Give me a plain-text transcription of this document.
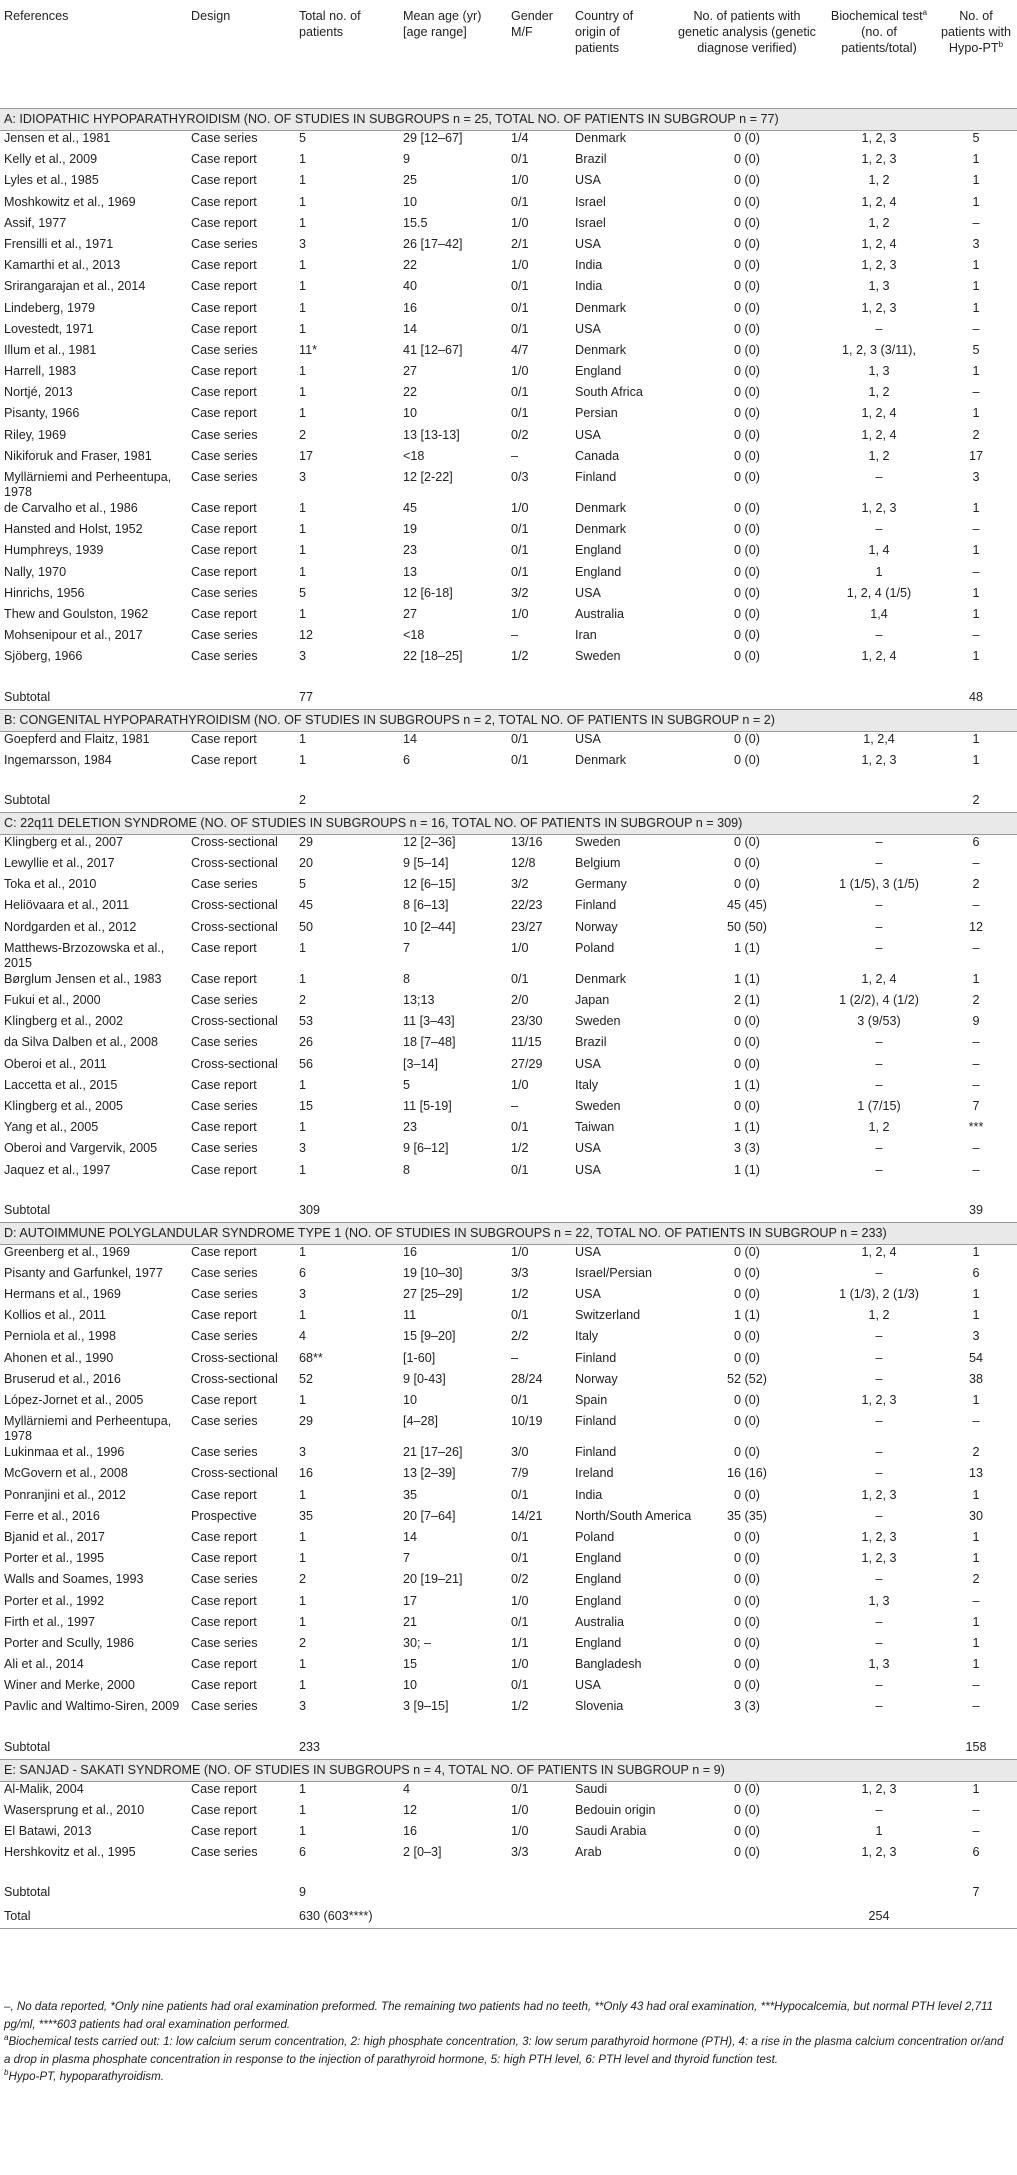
References	Design	Total no. of patients	Mean age (yr) [age range]	Gender M/F	Country of origin of patients	No. of patients with genetic analysis (genetic diagnose verified)	Biochemical test$^a$ (no. of patients/total)	No. of patients with Hypo-$PT^b$
A: IDIOPATHIC HYPOPARATHYROIDISM (NO. OF STUDIES IN SUBGROUPS n = 25, TOTAL NO. OF PATIENTS IN SUBGROUP n = 77)								
Jensen et al., 1981	Case series	5	29 [12–67]	1/4	Denmark	0 (0)	1, 2, 3	5
Kelly et al., 2009	Case report	1	9	0/1	Brazil	0 (0)	1, 2, 3	1
Lyles et al., 1985	Case report	1	25	1/0	USA	0 (0)	1, 2	1
Moshkowitz et al., 1969	Case report	1	10	0/1	Israel	0 (0)	1, 2, 4	1
Assif, 1977	Case report	1	15.5	1/0	Israel	0 (0)	1, 2	–
Frensilli et al., 1971	Case series	3	26 [17–42]	2/1	USA	0 (0)	1, 2, 4	3
Kamarthi et al., 2013	Case report	1	22	1/0	India	0 (0)	1, 2, 3	1
Srirangarajan et al., 2014	Case report	1	40	0/1	India	0 (0)	1, 3	1
Lindeberg, 1979	Case report	1	16	0/1	Denmark	0 (0)	1, 2, 3	1
Lovestedt, 1971	Case report	1	14	0/1	USA	0 (0)	–	–
Illum et al., 1981	Case series	11*	41 [12–67]	4/7	Denmark	0 (0)	1, 2, 3 (3/11),	5
Harrell, 1983	Case report	1	27	1/0	England	0 (0)	1, 3	1
Nortjé, 2013	Case report	1	22	0/1	South Africa	0 (0)	1, 2	–
Pisanty, 1966	Case report	1	10	0/1	Persian	0 (0)	1, 2, 4	1
Riley, 1969	Case series	2	13 [13-13]	0/2	USA	0 (0)	1, 2, 4	2
Nikiforuk and Fraser, 1981	Case series	17	<18	–	Canada	0 (0)	1, 2	17
Myllärniemi and Perheentupa, 1978	Case series	3	12 [2-22]	0/3	Finland	0 (0)	–	3
de Carvalho et al., 1986	Case report	1	45	1/0	Denmark	0 (0)	1, 2, 3	1
Hansted and Holst, 1952	Case report	1	19	0/1	Denmark	0 (0)	–	–
Humphreys, 1939	Case report	1	23	0/1	England	0 (0)	1, 4	1
Nally, 1970	Case report	1	13	0/1	England	0 (0)	1	–
Hinrichs, 1956	Case series	5	12 [6-18]	3/2	USA	0 (0)	1, 2, 4 (1/5)	1
Thew and Goulston, 1962	Case report	1	27	1/0	Australia	0 (0)	1,4	1
Mohsenipour et al., 2017	Case series	12	<18	–	Iran	0 (0)	–	–
Sjöberg, 1966	Case series	3	22 [18–25]	1/2	Sweden	0 (0)	1, 2, 4	1

Subtotal		77						48
B: CONGENITAL HYPOPARATHYROIDISM (NO. OF STUDIES IN SUBGROUPS n = 2, TOTAL NO. OF PATIENTS IN SUBGROUP n = 2)								
Goepferd and Flaitz, 1981	Case report	1	14	0/1	USA	0 (0)	1, 2,4	1
Ingemarsson, 1984	Case report	1	6	0/1	Denmark	0 (0)	1, 2, 3	1

Subtotal		2						2
C: 22q11 DELETION SYNDROME (NO. OF STUDIES IN SUBGROUPS n = 16, TOTAL NO. OF PATIENTS IN SUBGROUP n = 309)								
Klingberg et al., 2007	Cross-sectional	29	12 [2–36]	13/16	Sweden	0 (0)	–	6
Lewyllie et al., 2017	Cross-sectional	20	9 [5–14]	12/8	Belgium	0 (0)	–	–
Toka et al., 2010	Case series	5	12 [6–15]	3/2	Germany	0 (0)	1 (1/5), 3 (1/5)	2
Heliövaara et al., 2011	Cross-sectional	45	8 [6–13]	22/23	Finland	45 (45)	–	–
Nordgarden et al., 2012	Cross-sectional	50	10 [2–44]	23/27	Norway	50 (50)	–	12
Matthews-Brzozowska et al., 2015	Case report	1	7	1/0	Poland	1 (1)	–	–
Børglum Jensen et al., 1983	Case report	1	8	0/1	Denmark	1 (1)	1, 2, 4	1
Fukui et al., 2000	Case series	2	13;13	2/0	Japan	2 (1)	1 (2/2), 4 (1/2)	2
Klingberg et al., 2002	Cross-sectional	53	11 [3–43]	23/30	Sweden	0 (0)	3 (9/53)	9
da Silva Dalben et al., 2008	Case series	26	18 [7–48]	11/15	Brazil	0 (0)	–	–
Oberoi et al., 2011	Cross-sectional	56	[3–14]	27/29	USA	0 (0)	–	–
Laccetta et al., 2015	Case report	1	5	1/0	Italy	1 (1)	–	–
Klingberg et al., 2005	Case series	15	11 [5-19]	–	Sweden	0 (0)	1 (7/15)	7
Yang et al., 2005	Case report	1	23	0/1	Taiwan	1 (1)	1, 2	***
Oberoi and Vargervik, 2005	Case series	3	9 [6–12]	1/2	USA	3 (3)	–	–
Jaquez et al., 1997	Case report	1	8	0/1	USA	1 (1)	–	–

Subtotal		309						39
D: AUTOIMMUNE POLYGLANDULAR SYNDROME TYPE 1 (NO. OF STUDIES IN SUBGROUPS n = 22, TOTAL NO. OF PATIENTS IN SUBGROUP n = 233)								
Greenberg et al., 1969	Case report	1	16	1/0	USA	0 (0)	1, 2, 4	1
Pisanty and Garfunkel, 1977	Case series	6	19 [10–30]	3/3	Israel/Persian	0 (0)	–	6
Hermans et al., 1969	Case series	3	27 [25–29]	1/2	USA	0 (0)	1 (1/3), 2 (1/3)	1
Kollios et al., 2011	Case report	1	11	0/1	Switzerland	1 (1)	1, 2	1
Perniola et al., 1998	Case series	4	15 [9–20]	2/2	Italy	0 (0)	–	3
Ahonen et al., 1990	Cross-sectional	68**	[1-60]	–	Finland	0 (0)	–	54
Bruserud et al., 2016	Cross-sectional	52	9 [0-43]	28/24	Norway	52 (52)	–	38
López-Jornet et al., 2005	Case report	1	10	0/1	Spain	0 (0)	1, 2, 3	1
Myllärniemi and Perheentupa, 1978	Case series	29	[4–28]	10/19	Finland	0 (0)	–	–
Lukinmaa et al., 1996	Case series	3	21 [17–26]	3/0	Finland	0 (0)	–	2
McGovern et al., 2008	Cross-sectional	16	13 [2–39]	7/9	Ireland	16 (16)	–	13
Ponranjini et al., 2012	Case report	1	35	0/1	India	0 (0)	1, 2, 3	1
Ferre et al., 2016	Prospective	35	20 [7–64]	14/21	North/South America	35 (35)	–	30
Bjanid et al., 2017	Case report	1	14	0/1	Poland	0 (0)	1, 2, 3	1
Porter et al., 1995	Case report	1	7	0/1	England	0 (0)	1, 2, 3	1
Walls and Soames, 1993	Case series	2	20 [19–21]	0/2	England	0 (0)	–	2
Porter et al., 1992	Case report	1	17	1/0	England	0 (0)	1, 3	–
Firth et al., 1997	Case report	1	21	0/1	Australia	0 (0)	–	1
Porter and Scully, 1986	Case series	2	30; –	1/1	England	0 (0)	–	1
Ali et al., 2014	Case report	1	15	1/0	Bangladesh	0 (0)	1, 3	1
Winer and Merke, 2000	Case report	1	10	0/1	USA	0 (0)	–	–
Pavlic and Waltimo-Siren, 2009	Case series	3	3 [9–15]	1/2	Slovenia	3 (3)	–	–

Subtotal		233						158
E: SANJAD - SAKATI SYNDROME (NO. OF STUDIES IN SUBGROUPS n = 4, TOTAL NO. OF PATIENTS IN SUBGROUP n = 9)								
Al-Malik, 2004	Case report	1	4	0/1	Saudi	0 (0)	1, 2, 3	1
Wasersprung et al., 2010	Case report	1	12	1/0	Bedouin origin	0 (0)	–	–
El Batawi, 2013	Case report	1	16	1/0	Saudi Arabia	0 (0)	1	–
Hershkovitz et al., 1995	Case series	6	2 [0–3]	3/3	Arab	0 (0)	1, 2, 3	6

Subtotal		9						7
Total		630 (603****)					254	

–, No data reported, *Only nine patients had oral examination preformed. The remaining two patients had no teeth, **Only 43 had oral examination, ***Hypocalcemia, but normal PTH level 2,711 pg/ml, ****603 patients had oral examination performed.

$^a$Biochemical tests carried out: 1: low calcium serum concentration, 2: high phosphate concentration, 3: low serum parathyroid hormone (PTH), 4: a rise in the plasma calcium concentration or/and a drop in plasma phosphate concentration in response to the injection of parathyroid hormone, 5: high PTH level, 6: PTH level and thyroid function test.

$^b$Hypo-PT, hypoparathyroidism.
